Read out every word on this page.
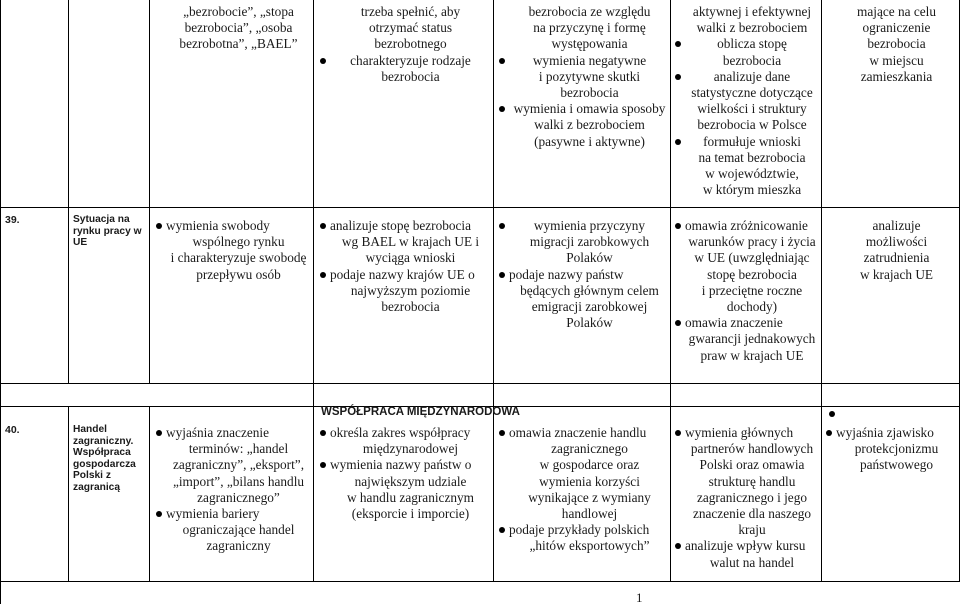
„bezrobocie”, „stopa
bezrobocia”, „osoba
bezrobotna”, „BAEL”
trzeba spełnić, aby
otrzymać status
bezrobotnego
charakteryzuje rodzaje
bezrobocia
bezrobocia ze względu
na przyczynę i formę
występowania
wymienia negatywne
i pozytywne skutki
bezrobocia
wymienia i omawia sposoby
walki z bezrobociem
(pasywne i aktywne)
aktywnej i efektywnej
walki z bezrobociem
oblicza stopę
bezrobocia
analizuje dane
statystyczne dotyczące
wielkości i struktury
bezrobocia w Polsce
formułuje wnioski
na temat bezrobocia
w województwie,
w którym mieszka
mające na celu
ograniczenie
bezrobocia
w miejscu
zamieszkania
39.	Sytuacja na rynku pracy w UE
wymienia swobody
wspólnego rynku
i charakteryzuje swobodę
przepływu osób
analizuje stopę bezrobocia
wg BAEL w krajach UE i
wyciąga wnioski
podaje nazwy krajów UE o
najwyższym poziomie
bezrobocia
wymienia przyczyny
migracji zarobkowych
Polaków
podaje nazwy państw
będących głównym celem
emigracji zarobkowej
Polaków
omawia zróżnicowanie
warunków pracy i życia
w UE (uwzględniając
stopę bezrobocia
i przeciętne roczne
dochody)
omawia znaczenie
gwarancji jednakowych
praw w krajach UE
analizuje
możliwości
zatrudnienia
w krajach UE
WSPÓŁPRACA MIĘDZYNARODOWA
40.	Handel zagraniczny. Współpraca gospodarcza Polski z zagranicą
wyjaśnia znaczenie
terminów: „handel
zagraniczny”, „eksport”,
„import”, „bilans handlu
zagranicznego”
wymienia bariery
ograniczające handel
zagraniczny
określa zakres współpracy
międzynarodowej
wymienia nazwy państw o
największym udziale
w handlu zagranicznym
(eksporcie i imporcie)
omawia znaczenie handlu
zagranicznego
w gospodarce oraz
wymienia korzyści
wynikające z wymiany
handlowej
podaje przykłady polskich
„hitów eksportowych”
wymienia głównych
partnerów handlowych
Polski oraz omawia
strukturę handlu
zagranicznego i jego
znaczenie dla naszego
kraju
analizuje wpływ kursu
walut na handel
wyjaśnia zjawisko
protekcjonizmu
państwowego
1
